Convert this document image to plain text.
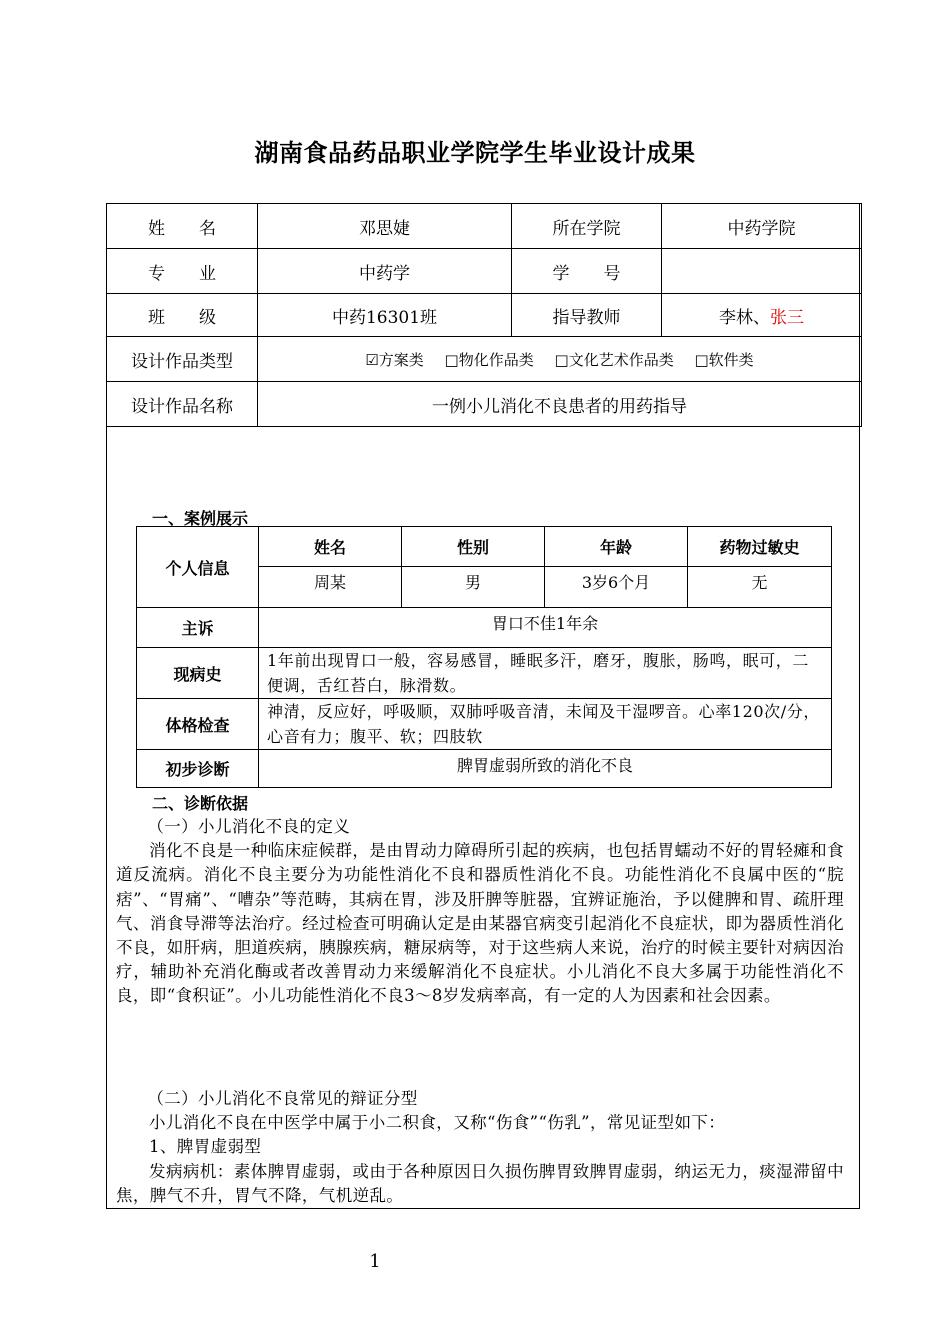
湖南食品药品职业学院学生毕业设计成果
姓　　名	邓思婕	所在学院	中药学院
专　　业	中药学	学　　号	
班　　级	中药16301班	指导教师	李林、张三
设计作品类型	☑方案类 □物化作品类 □文化艺术作品类 □软件类		
设计作品名称	一例小儿消化不良患者的用药指导		
一、案例展示
个人信息	姓名	性别	年龄	药物过敏史
	周某	男	3岁6个月	无
主诉	胃口不佳1年余			
现病史	1年前出现胃口一般，容易感冒，睡眠多汗，磨牙，腹胀，肠鸣，眠可，二便调，舌红苔白，脉滑数。			
体格检查	神清，反应好，呼吸顺，双肺呼吸音清，未闻及干湿啰音。心率120次/分，心音有力；腹平、软；四肢软			
初步诊断	脾胃虚弱所致的消化不良			
二、诊断依据

（一）小儿消化不良的定义

消化不良是一种临床症候群，是由胃动力障碍所引起的疾病，也包括胃蠕动不好的胃轻瘫和食道反流病。消化不良主要分为功能性消化不良和器质性消化不良。功能性消化不良属中医的“脘痞”、“胃痛”、“嘈杂”等范畴，其病在胃，涉及肝脾等脏器，宜辨证施治，予以健脾和胃、疏肝理气、消食导滞等法治疗。经过检查可明确认定是由某器官病变引起消化不良症状，即为器质性消化不良，如肝病，胆道疾病，胰腺疾病，糖尿病等，对于这些病人来说，治疗的时候主要针对病因治疗，辅助补充消化酶或者改善胃动力来缓解消化不良症状。小儿消化不良大多属于功能性消化不良，即“食积证”。小儿功能性消化不良3～8岁发病率高，有一定的人为因素和社会因素。

（二）小儿消化不良常见的辩证分型

小儿消化不良在中医学中属于小二积食，又称“伤食”“伤乳”，常见证型如下：

1、脾胃虚弱型

发病病机：素体脾胃虚弱，或由于各种原因日久损伤脾胃致脾胃虚弱，纳运无力，痰湿滞留中焦，脾气不升，胃气不降，气机逆乱。

1
